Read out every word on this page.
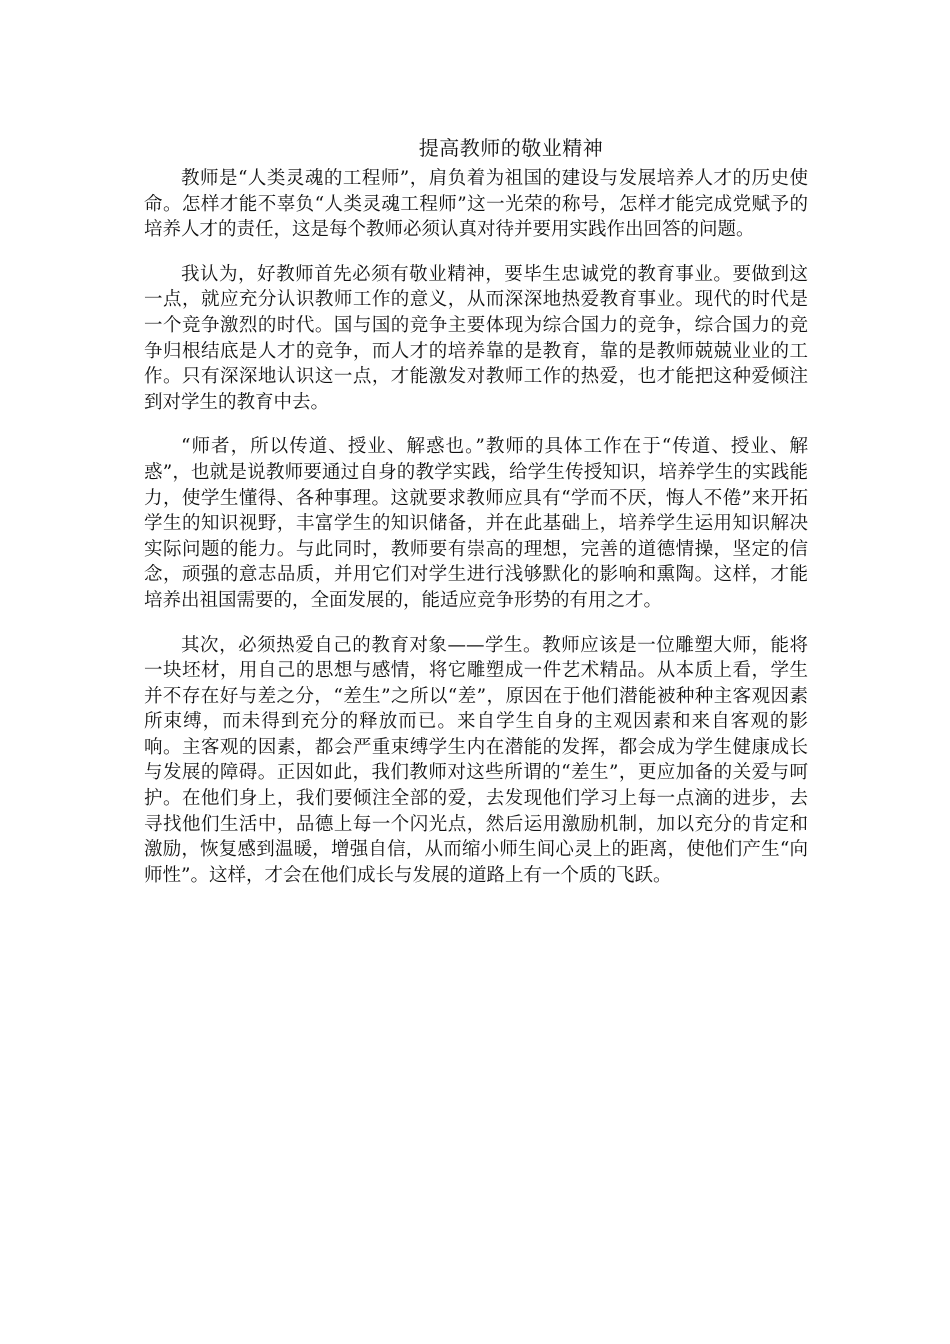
提高教师的敬业精神

教师是“人类灵魂的工程师”，肩负着为祖国的建设与发展培养人才的历史使命。怎样才能不辜负“人类灵魂工程师”这一光荣的称号，怎样才能完成党赋予的培养人才的责任，这是每个教师必须认真对待并要用实践作出回答的问题。

我认为，好教师首先必须有敬业精神，要毕生忠诚党的教育事业。要做到这一点，就应充分认识教师工作的意义，从而深深地热爱教育事业。现代的时代是一个竞争激烈的时代。国与国的竞争主要体现为综合国力的竞争，综合国力的竞争归根结底是人才的竞争，而人才的培养靠的是教育，靠的是教师兢兢业业的工作。只有深深地认识这一点，才能激发对教师工作的热爱，也才能把这种爱倾注到对学生的教育中去。

“师者，所以传道、授业、解惑也。”教师的具体工作在于“传道、授业、解惑”，也就是说教师要通过自身的教学实践，给学生传授知识，培养学生的实践能力，使学生懂得、各种事理。这就要求教师应具有“学而不厌，悔人不倦”来开拓学生的知识视野，丰富学生的知识储备，并在此基础上，培养学生运用知识解决实际问题的能力。与此同时，教师要有崇高的理想，完善的道德情操，坚定的信念，顽强的意志品质，并用它们对学生进行浅够默化的影响和熏陶。这样，才能培养出祖国需要的，全面发展的，能适应竞争形势的有用之才。

其次，必须热爱自己的教育对象——学生。教师应该是一位雕塑大师，能将一块坯材，用自己的思想与感情，将它雕塑成一件艺术精品。从本质上看，学生并不存在好与差之分，“差生”之所以“差”，原因在于他们潜能被种种主客观因素所束缚，而未得到充分的释放而已。来自学生自身的主观因素和来自客观的影响。主客观的因素，都会严重束缚学生内在潜能的发挥，都会成为学生健康成长与发展的障碍。正因如此，我们教师对这些所谓的“差生”，更应加备的关爱与呵护。在他们身上，我们要倾注全部的爱，去发现他们学习上每一点滴的进步，去寻找他们生活中，品德上每一个闪光点，然后运用激励机制，加以充分的肯定和激励，恢复感到温暖，增强自信，从而缩小师生间心灵上的距离，使他们产生“向师性”。这样，才会在他们成长与发展的道路上有一个质的飞跃。
